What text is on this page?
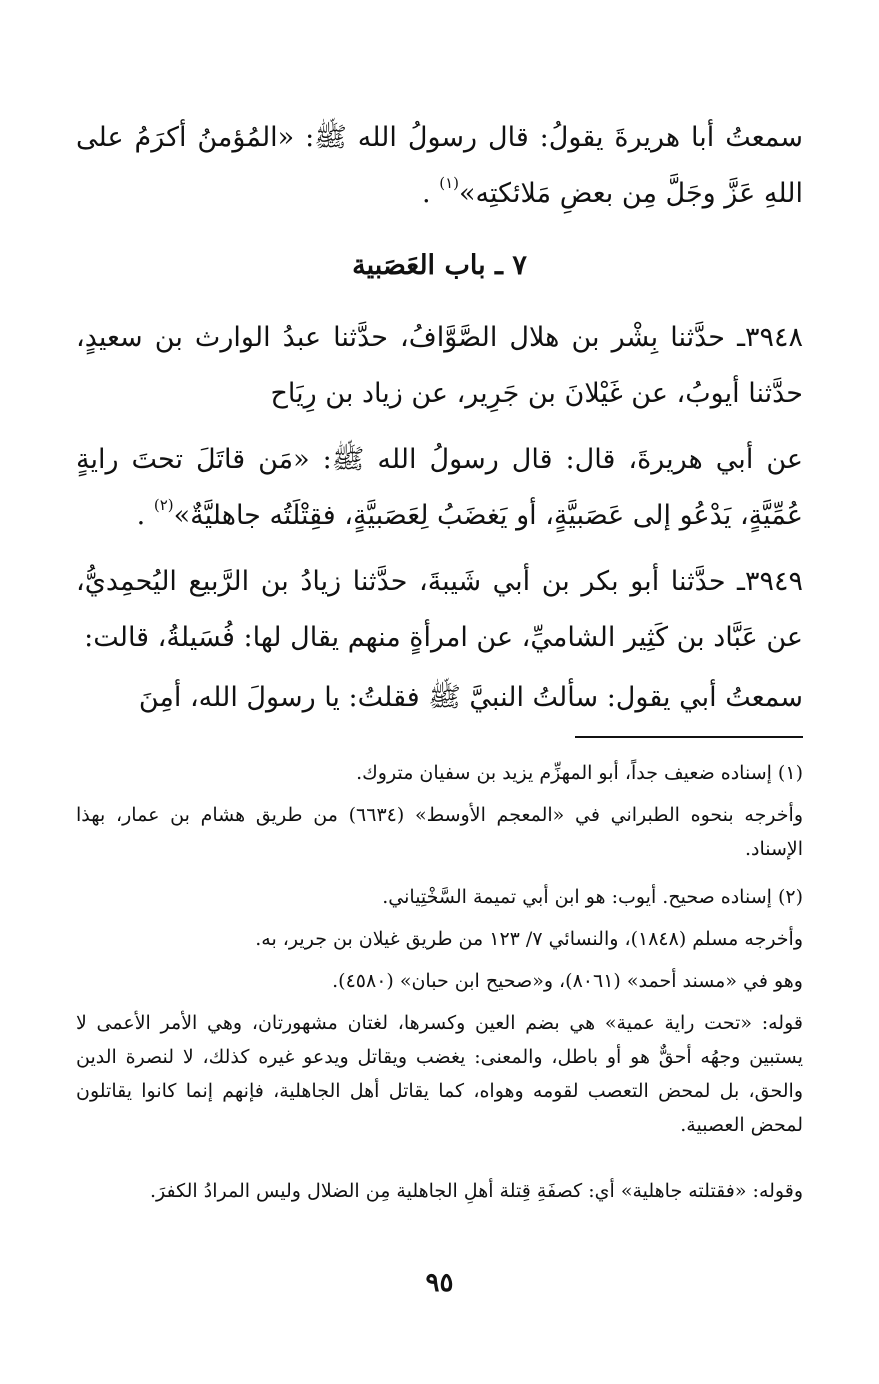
سمعتُ أبا هريرةَ يقولُ: قال رسولُ الله ﷺ: «المُؤمنُ أكرَمُ على اللهِ عَزَّ وجَلَّ مِن بعضِ مَلائكتِه»$^{(١)}$ .

٧ ـ باب العَصَبية

٣٩٤٨ـ حدَّثنا بِشْر بن هلال الصَّوَّافُ، حدَّثنا عبدُ الوارث بن سعيدٍ، حدَّثنا أيوبُ، عن غَيْلانَ بن جَرِير، عن زياد بن رِيَاح

عن أبي هريرةَ، قال: قال رسولُ الله ﷺ: «مَن قاتَلَ تحتَ رايةٍ عُمِّيَّةٍ، يَدْعُو إلى عَصَبيَّةٍ، أو يَغضَبُ لِعَصَبيَّةٍ، فقِتْلَتُه جاهليَّةٌ»$^{(٢)}$ .

٣٩٤٩ـ حدَّثنا أبو بكر بن أبي شَيبةَ، حدَّثنا زيادُ بن الرَّبيع اليُحمِديُّ، عن عَبَّاد بن كَثِير الشاميِّ، عن امرأةٍ منهم يقال لها: فُسَيلةُ، قالت:

سمعتُ أبي يقول: سألتُ النبيَّ ﷺ فقلتُ: يا رسولَ الله، أمِنَ

(١) إسناده ضعيف جداً، أبو المهزِّم يزيد بن سفيان متروك.

وأخرجه بنحوه الطبراني في «المعجم الأوسط» (٦٦٣٤) من طريق هشام بن عمار، بهذا الإسناد.

(٢) إسناده صحيح. أيوب: هو ابن أبي تميمة السَّخْتِياني.

وأخرجه مسلم (١٨٤٨)، والنسائي ٧/ ١٢٣ من طريق غيلان بن جرير، به.

وهو في «مسند أحمد» (٨٠٦١)، و«صحيح ابن حبان» (٤٥٨٠).

قوله: «تحت راية عمية» هي بضم العين وكسرها، لغتان مشهورتان، وهي الأمر الأعمى لا يستبين وجهُه أحقٌّ هو أو باطل، والمعنى: يغضب ويقاتل ويدعو غيره كذلك، لا لنصرة الدين والحق، بل لمحض التعصب لقومه وهواه، كما يقاتل أهل الجاهلية، فإنهم إنما كانوا يقاتلون لمحض العصبية.

وقوله: «فقتلته جاهلية» أي: كصفَةِ قِتلة أهلِ الجاهلية مِن الضلال وليس المرادُ الكفرَ.

٩٥
